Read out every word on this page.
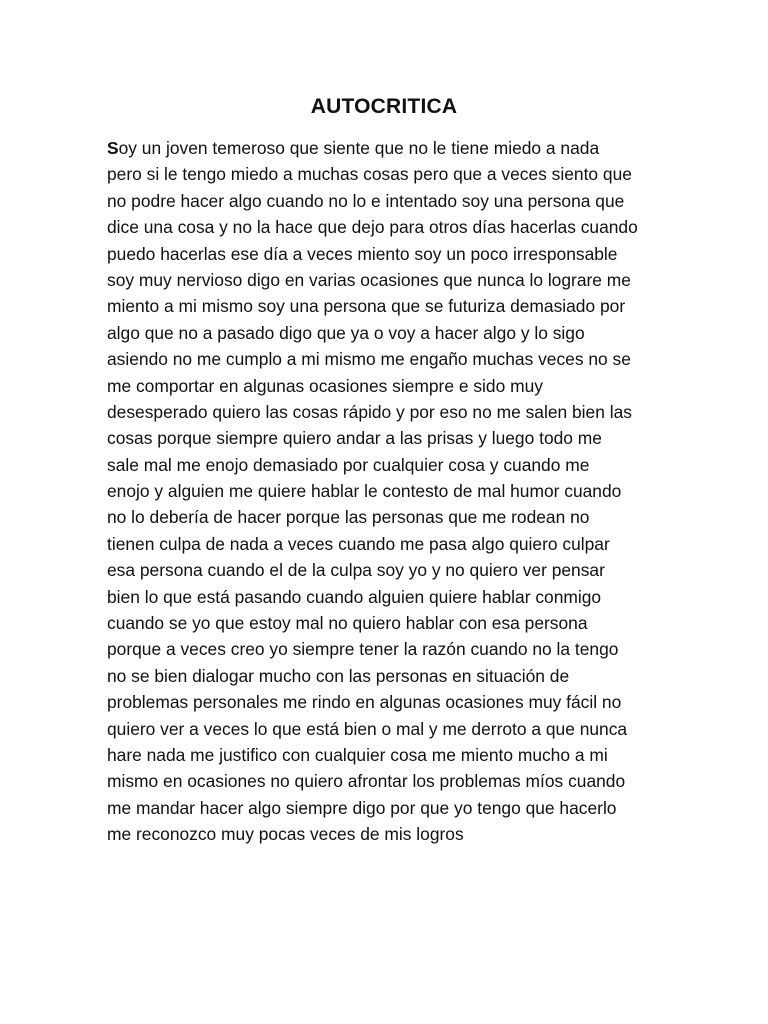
AUTOCRITICA
Soy un joven temeroso que siente que no le tiene miedo a nada
pero si le tengo miedo a muchas cosas pero que a veces siento que
no podre hacer algo cuando no lo e intentado soy una persona que
dice una cosa y no la hace que dejo para otros días hacerlas cuando
puedo hacerlas ese día a veces miento soy un poco irresponsable
soy muy nervioso digo en varias ocasiones que nunca lo lograre me
miento a mi mismo soy una persona que se futuriza demasiado por
algo que no a pasado digo que ya o voy a hacer algo y lo sigo
asiendo no me cumplo a mi mismo me engaño muchas veces no se
me comportar en algunas ocasiones siempre e sido muy
desesperado quiero las cosas rápido y por eso no me salen bien las
cosas porque siempre quiero andar a las prisas y luego todo me
sale mal me enojo demasiado por cualquier cosa y cuando me
enojo y alguien me quiere hablar le contesto de mal humor cuando
no lo debería de hacer porque las personas que me rodean no
tienen culpa de nada a veces cuando me pasa algo quiero culpar
esa persona cuando el de la culpa soy yo y no quiero ver pensar
bien lo que está pasando cuando alguien quiere hablar conmigo
cuando se yo que estoy mal no quiero hablar con esa persona
porque a veces creo yo siempre tener la razón cuando no la tengo
no se bien dialogar mucho con las personas en situación de
problemas personales me rindo en algunas ocasiones muy fácil no
quiero ver a veces lo que está bien o mal y me derroto a que nunca
hare nada me justifico con cualquier cosa me miento mucho a mi
mismo en ocasiones no quiero afrontar los problemas míos cuando
me mandar hacer algo siempre digo por que yo tengo que hacerlo
me reconozco muy pocas veces de mis logros
